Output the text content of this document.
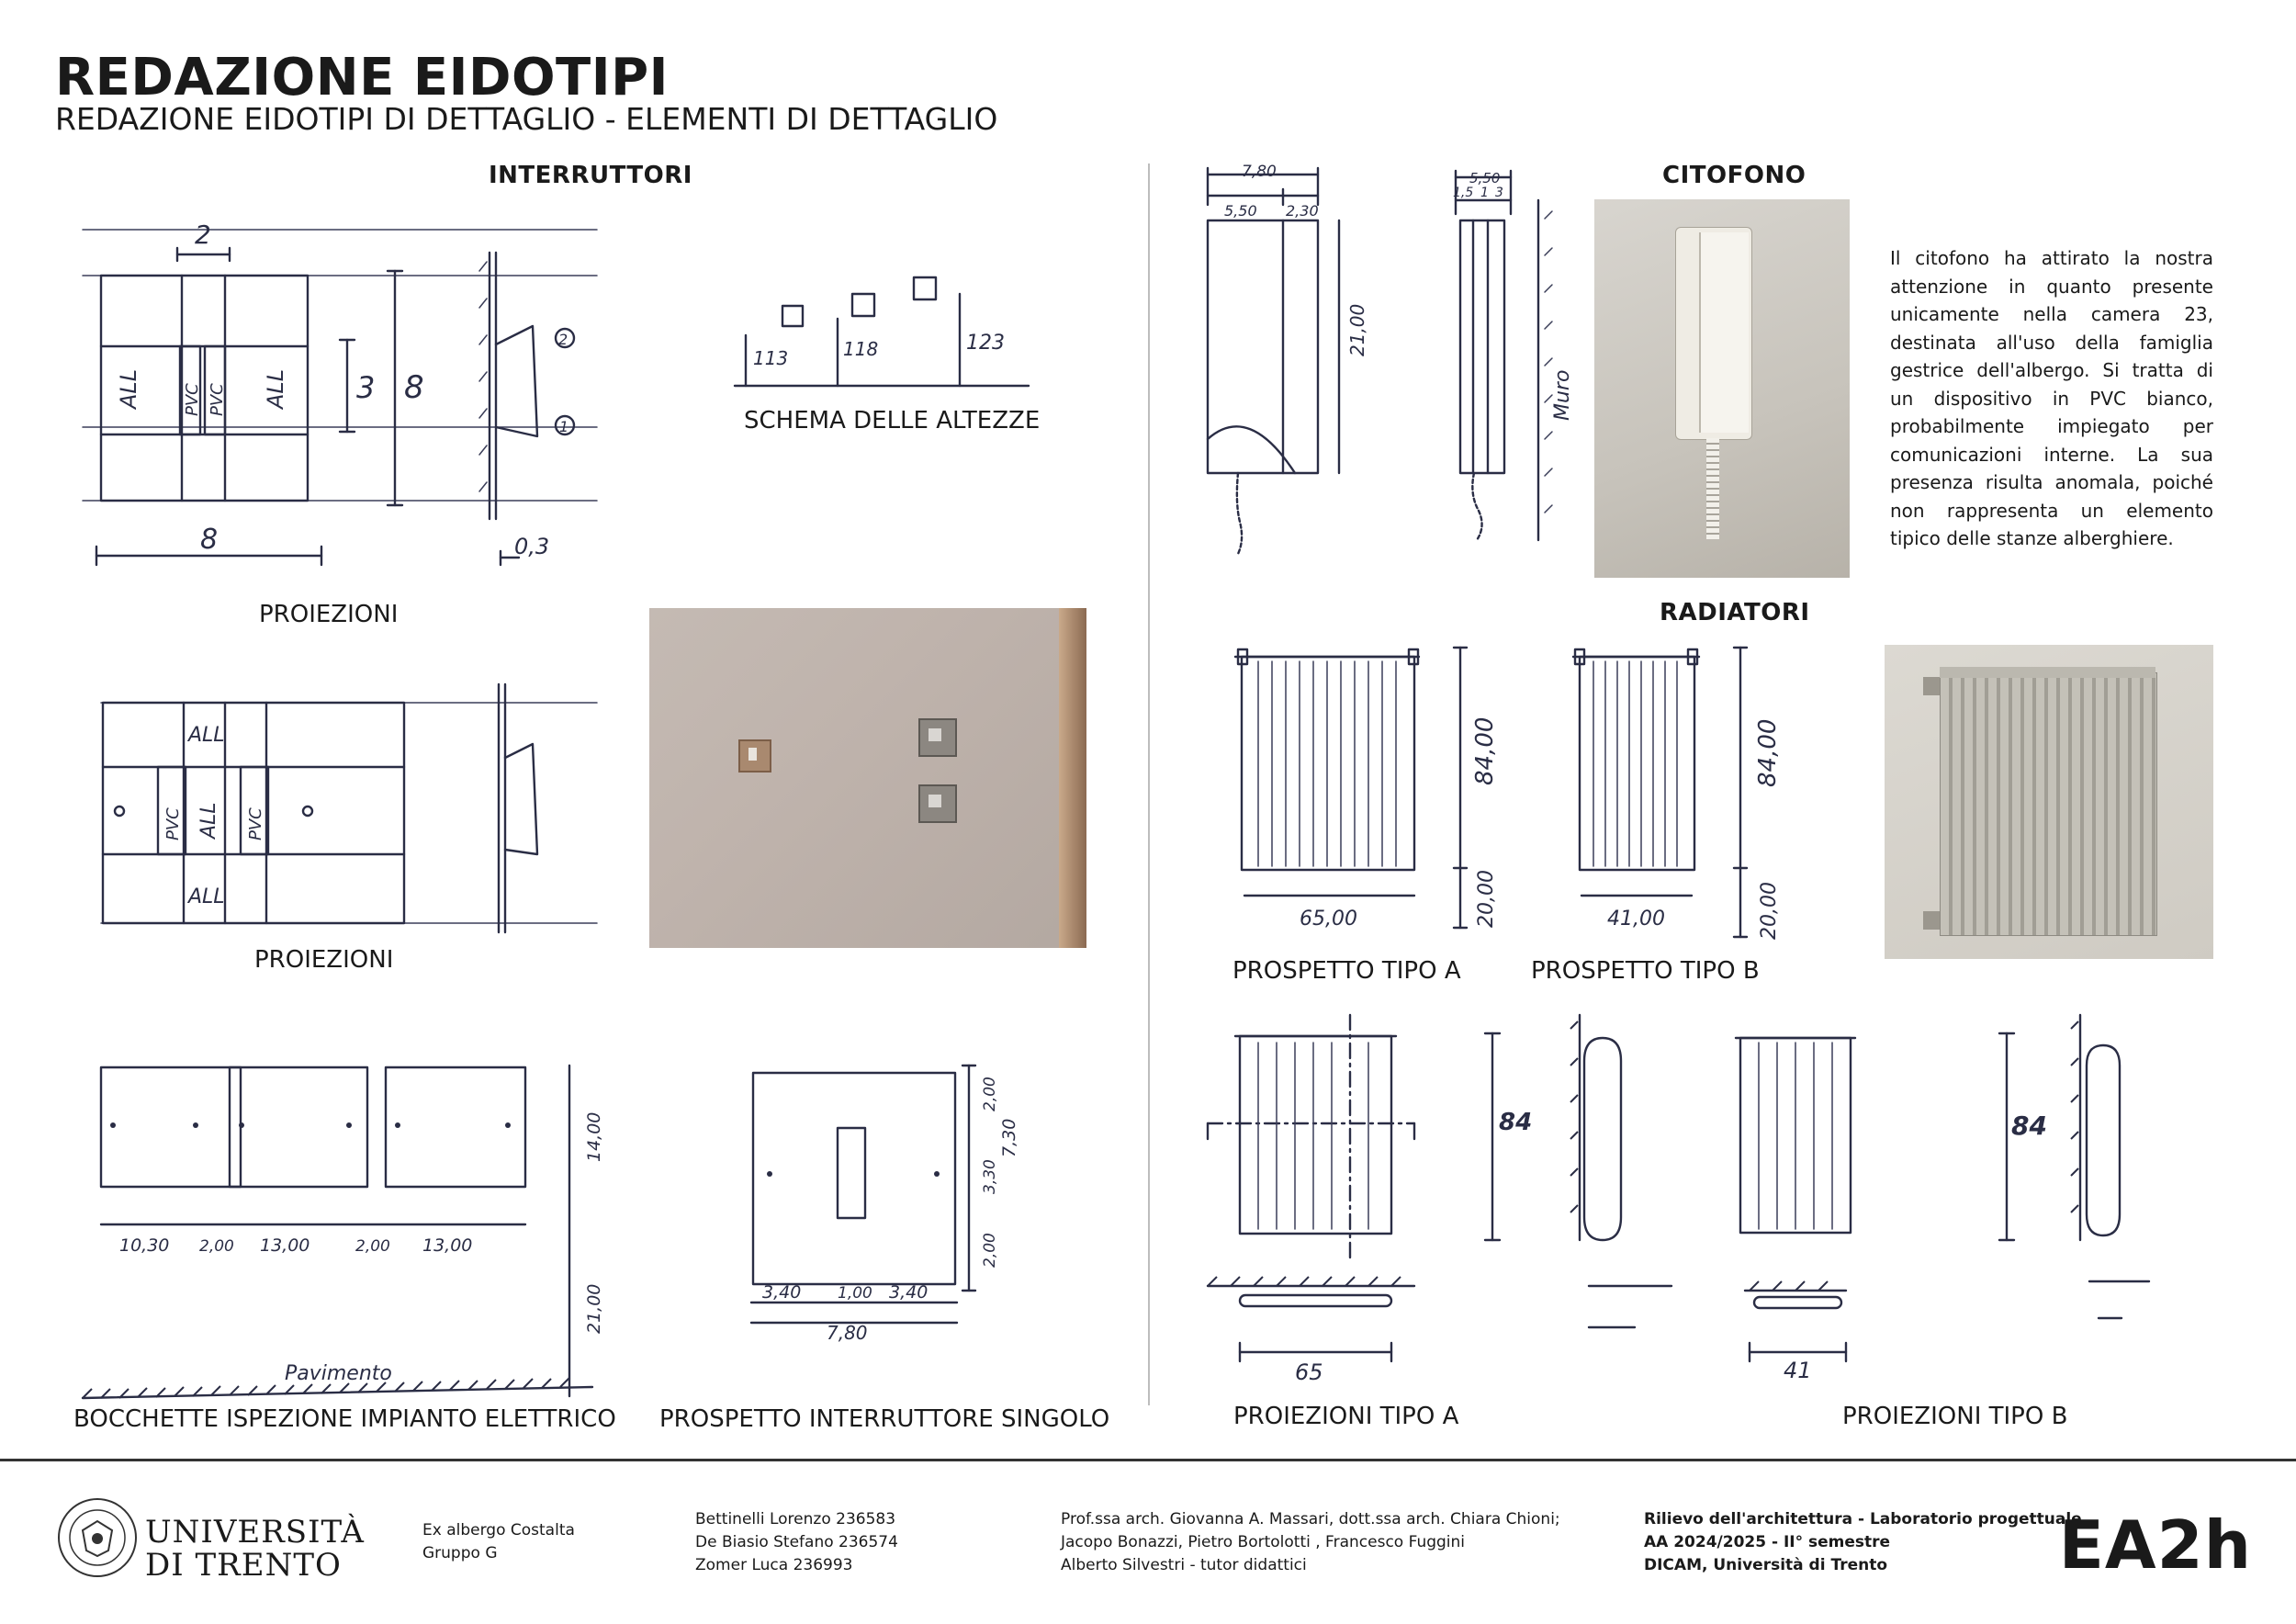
REDAZIONE EIDOTIPI
REDAZIONE EIDOTIPI DI DETTAGLIO - ELEMENTI DI DETTAGLIO
INTERRUTTORI	CITOFONO
RADIATORI
2
3 8
8
ALL	ALL
PVC PVC
2
1
0,3
PROIEZIONI
113	118	123
SCHEMA DELLE ALTEZZE
ALL
ALL
ALL
PVC	PVC
PROIEZIONI
10,30 2,00 13,00	2,00 13,00
14,00
21,00
Pavimento
BOCCHETTE ISPEZIONE IMPIANTO ELETTRICO
3,40 1,00 3,40
7,80
2,00
3,30
7,30
2,00
PROSPETTO INTERRUTTORE SINGOLO
7,80
5,50 2,30
21,00
5,50
1,5 1 3
Muro
Il citofono ha attirato la nostra attenzione in quanto presente unicamente nella camera 23, destinata all'uso della famiglia gestrice dell'albergo. Si tratta di un dispositivo in PVC bianco, probabilmente impiegato per comunicazioni interne. La sua presenza risulta anomala, poiché non rappresenta un elemento tipico delle stanze alberghiere.
84,00
20,00
65,00
84,00
20,00
41,00
PROSPETTO TIPO A	PROSPETTO TIPO B
84
65
84
41
PROIEZIONI TIPO A	PROIEZIONI TIPO B
UNIVERSITÀ
DI TRENTO
Ex albergo Costalta
Gruppo G
Bettinelli Lorenzo 236583
De Biasio Stefano 236574
Zomer Luca 236993
Prof.ssa arch. Giovanna A. Massari, dott.ssa arch. Chiara Chioni;
Jacopo Bonazzi, Pietro Bortolotti , Francesco Fuggini
Alberto Silvestri - tutor didattici
Rilievo dell'architettura - Laboratorio progettuale
AA 2024/2025 - II° semestre
DICAM, Università di Trento	EA2h
